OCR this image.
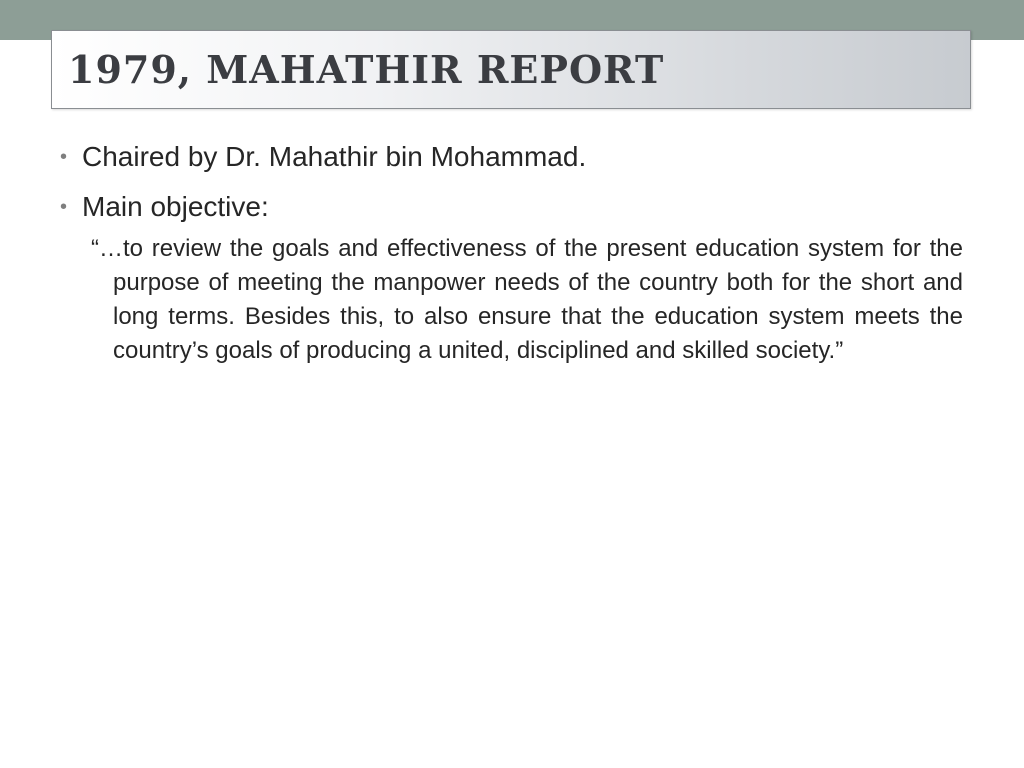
1979, MAHATHIR REPORT
• Chaired by Dr. Mahathir bin Mohammad.
• Main objective:
“…to review the goals and effectiveness of the present education system for the purpose of meeting the manpower needs of the country both for the short and long terms. Besides this, to also ensure that the education system meets the country’s goals of producing a united, disciplined and skilled society.”
